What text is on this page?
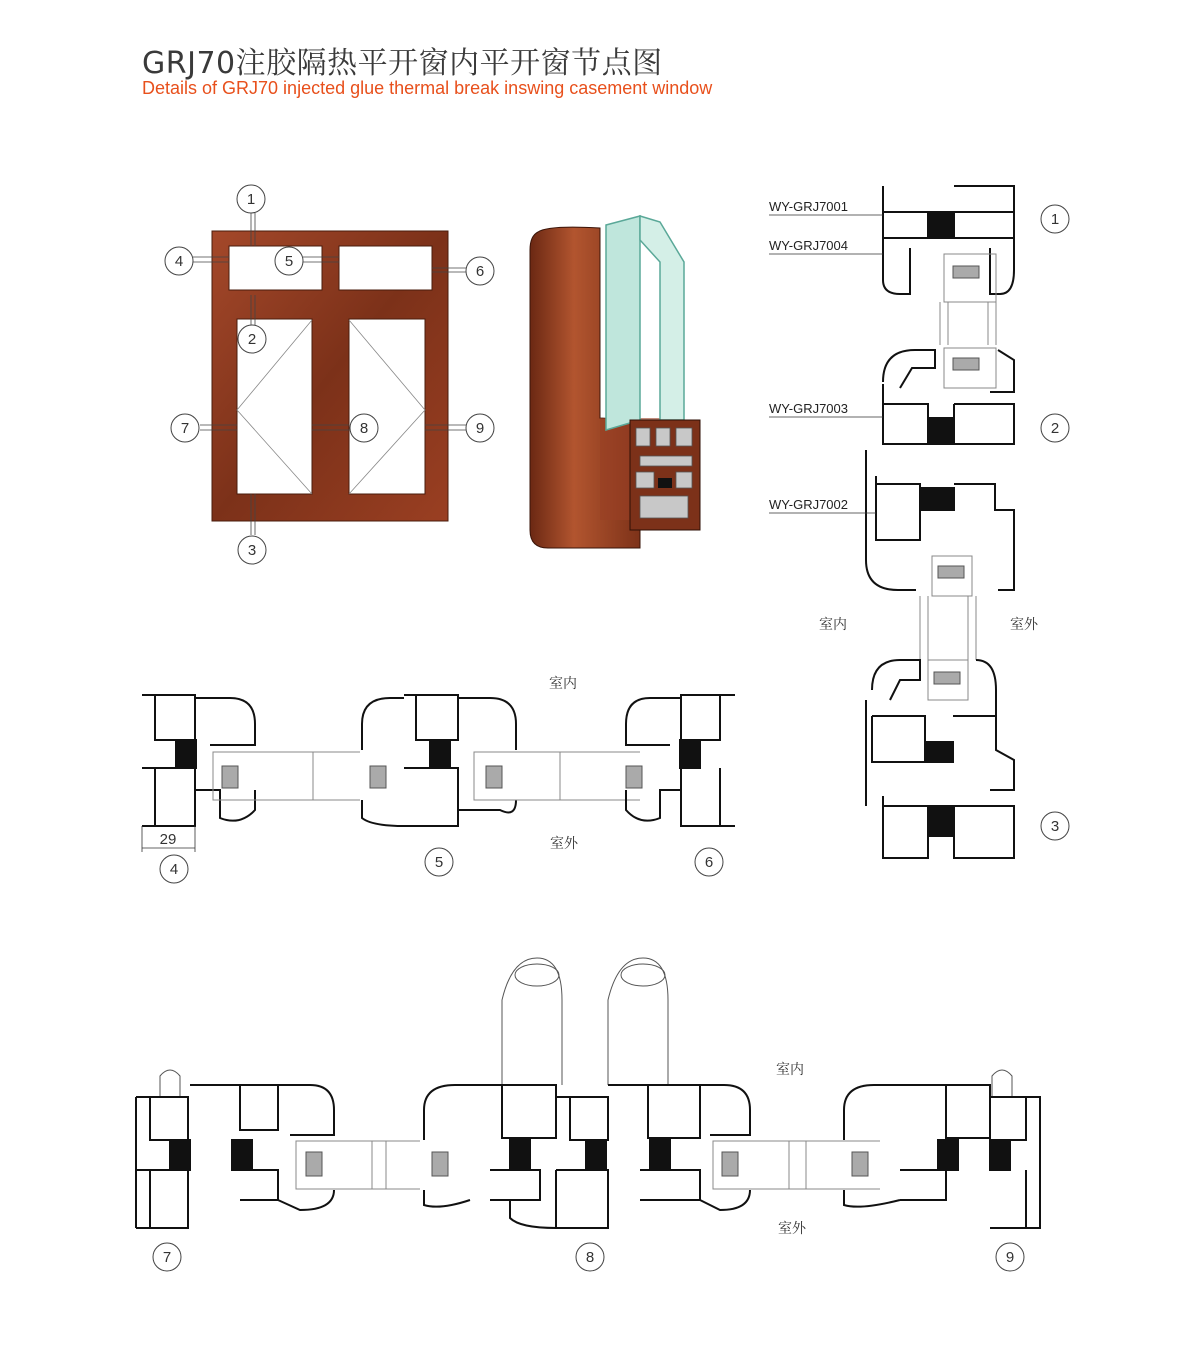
GRJ70注胶隔热平开窗内平开窗节点图
Details of GRJ70 injected glue thermal break inswing casement window
1
4	5
6
2
7	8	9
3
WY-GRJ7001
WY-GRJ7004
WY-GRJ7003
WY-GRJ7002
1
2
3
室内	室外
29
室内
室外
4	5	6
室内
室外
7	8	9
